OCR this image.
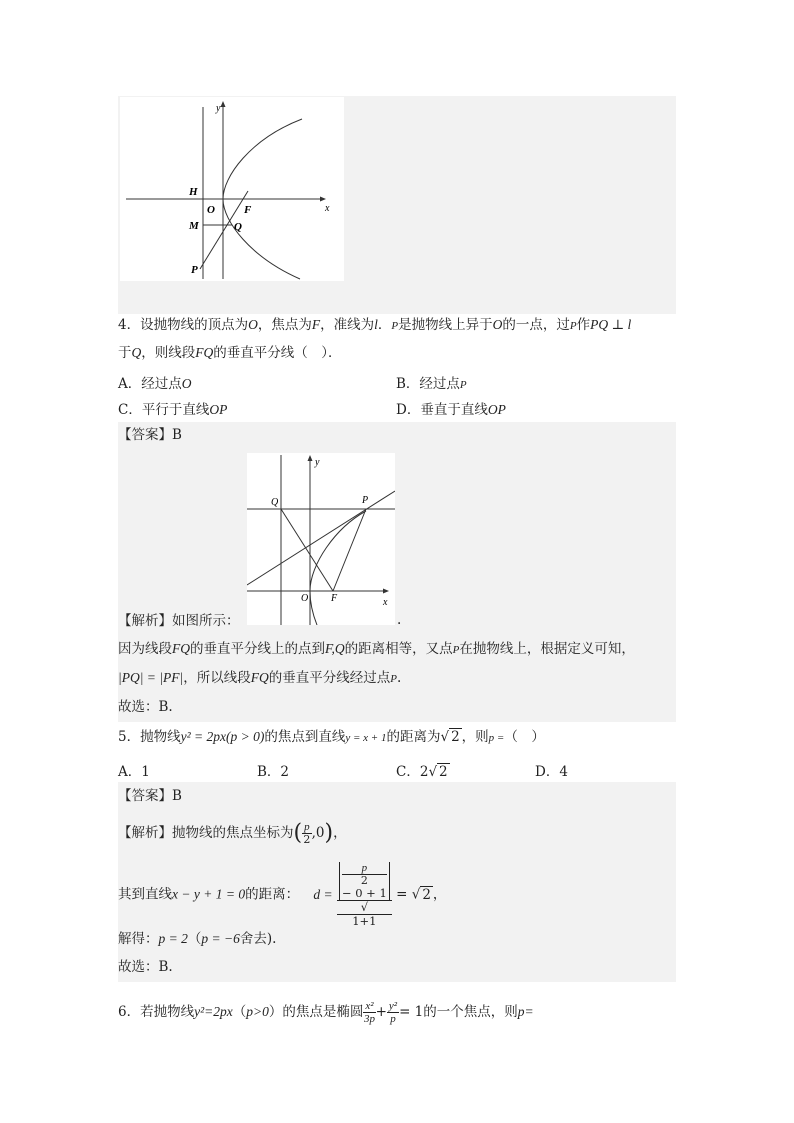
y
x
H
O	F
M	Q
P
4．设抛物线的顶点为O，焦点为F，准线为l．P是抛物线上异于O的一点，过P作PQ ⊥ l
于Q，则线段FQ的垂直平分线（　）．
A．经过点O	B．经过点P
C．平行于直线OP	D．垂直于直线OP
【答案】B
y
x
Q	P
O F
【解析】如图所示：	.
因为线段FQ的垂直平分线上的点到F,Q的距离相等，又点P在抛物线上，根据定义可知，
|PQ| = |PF|，所以线段FQ的垂直平分线经过点P.
故选：B.
5．抛物线y² = 2px(p > 0)的焦点到直线y = x + 1的距离为√ 2 ，则p =（　）
A．1	B．2	C．2√ 2	D．4
【答案】B
【解析】抛物线的焦点坐标为( $\frac{p}{2} ,0$)，
其到直线x − y + 1 = 0的距离： d = p
2
− 0 + 1
√
1+1 = √ 2 ，
解得：p = 2（p = −6舍去).
故选：B.
6．若抛物线y²=2px（p>0）的焦点是椭圆 $\frac{\text{x²}}{3p} + \frac{\text{y²}}{p} = 1$的一个焦点，则p=
